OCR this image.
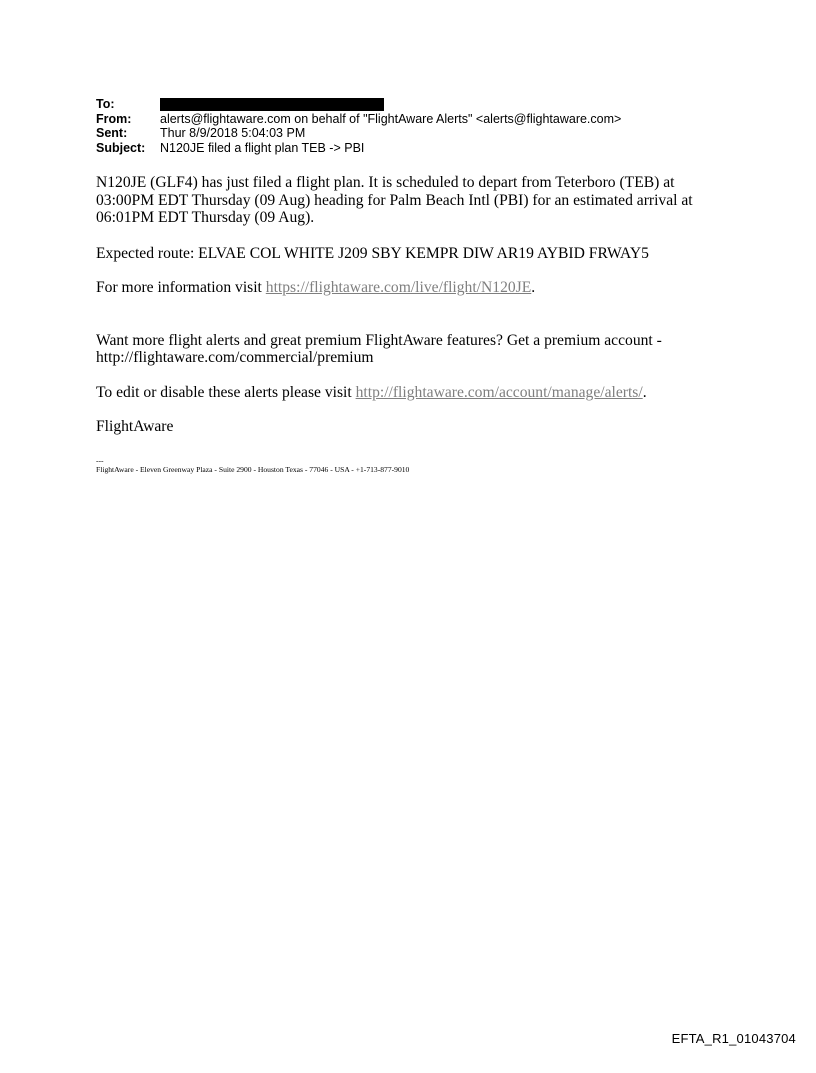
To:
From:	alerts@flightaware.com on behalf of "FlightAware Alerts" <alerts@flightaware.com>
Sent:	Thur 8/9/2018 5:04:03 PM
Subject:	N120JE filed a flight plan TEB -> PBI

N120JE (GLF4) has just filed a flight plan. It is scheduled to depart from Teterboro (TEB) at 03:00PM EDT Thursday (09 Aug) heading for Palm Beach Intl (PBI) for an estimated arrival at 06:01PM EDT Thursday (09 Aug).

Expected route: ELVAE COL WHITE J209 SBY KEMPR DIW AR19 AYBID FRWAY5

For more information visit https://flightaware.com/live/flight/N120JE.

Want more flight alerts and great premium FlightAware features? Get a premium account - http://flightaware.com/commercial/premium

To edit or disable these alerts please visit http://flightaware.com/account/manage/alerts/.

FlightAware

---
FlightAware - Eleven Greenway Plaza - Suite 2900 - Houston Texas - 77046 - USA - +1-713-877-9010
EFTA_R1_01043704
